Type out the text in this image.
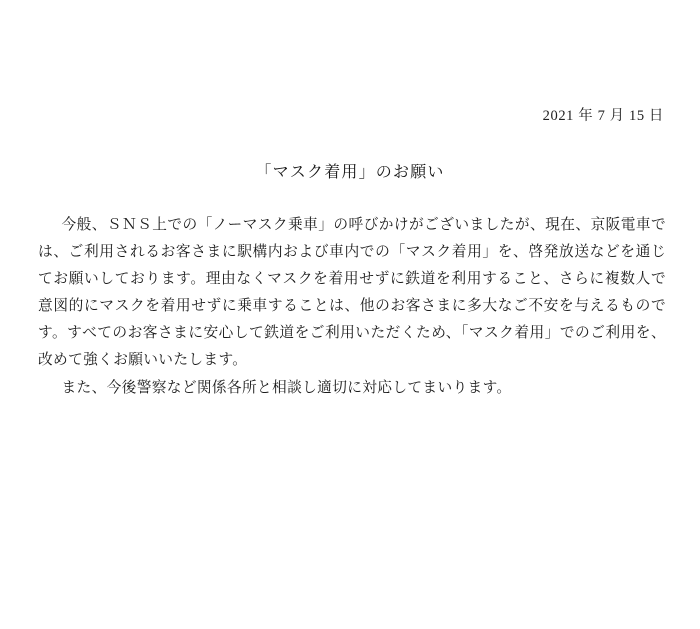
2021 年 7 月 15 日
「マスク着用」のお願い

今般、ＳＮＳ上での「ノーマスク乗車」の呼びかけがございましたが、現在、京阪電車では、ご利用されるお客さまに駅構内および車内での「マスク着用」を、啓発放送などを通じてお願いしております。理由なくマスクを着用せずに鉄道を利用すること、さらに複数人で意図的にマスクを着用せずに乗車することは、他のお客さまに多大なご不安を与えるものです。すべてのお客さまに安心して鉄道をご利用いただくため、「マスク着用」でのご利用を、改めて強くお願いいたします。

また、今後警察など関係各所と相談し適切に対応してまいります。
